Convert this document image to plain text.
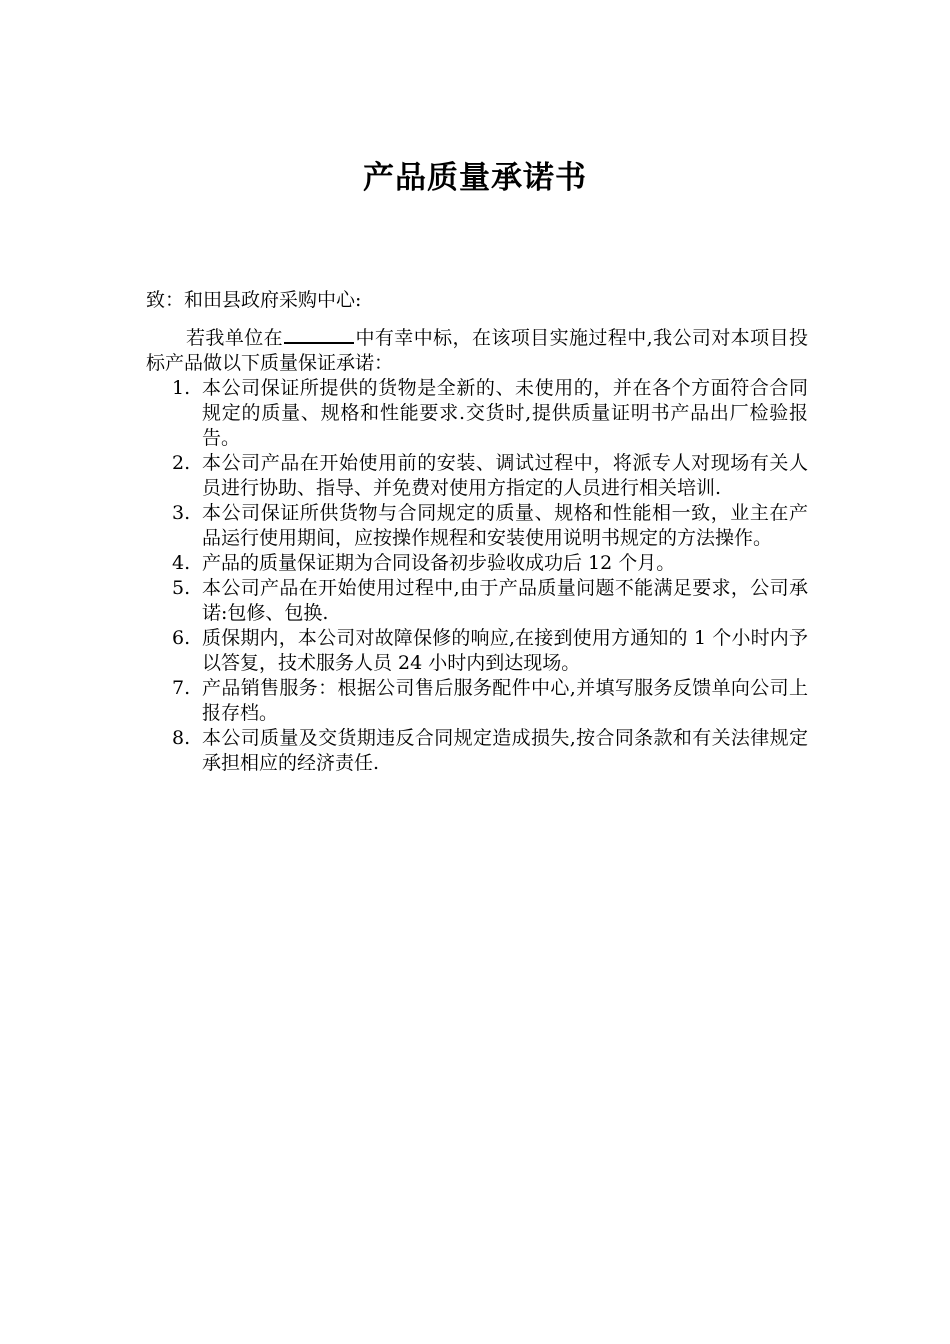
产品质量承诺书

致：和田县政府采购中心:

若我单位在	中有幸中标，在该项目实施过程中,我公司对本项目投标产品做以下质量保证承诺：

1. 本公司保证所提供的货物是全新的、未使用的，并在各个方面符合合同规定的质量、规格和性能要求.交货时,提供质量证明书产品出厂检验报告。
2. 本公司产品在开始使用前的安装、调试过程中，将派专人对现场有关人员进行协助、指导、并免费对使用方指定的人员进行相关培训.
3. 本公司保证所供货物与合同规定的质量、规格和性能相一致，业主在产品运行使用期间，应按操作规程和安装使用说明书规定的方法操作。
4. 产品的质量保证期为合同设备初步验收成功后 12 个月。
5. 本公司产品在开始使用过程中,由于产品质量问题不能满足要求，公司承诺:包修、包换.
6. 质保期内，本公司对故障保修的响应,在接到使用方通知的 1 个小时内予以答复，技术服务人员 24 小时内到达现场。
7. 产品销售服务：根据公司售后服务配件中心,并填写服务反馈单向公司上报存档。
8. 本公司质量及交货期违反合同规定造成损失,按合同条款和有关法律规定承担相应的经济责任.
